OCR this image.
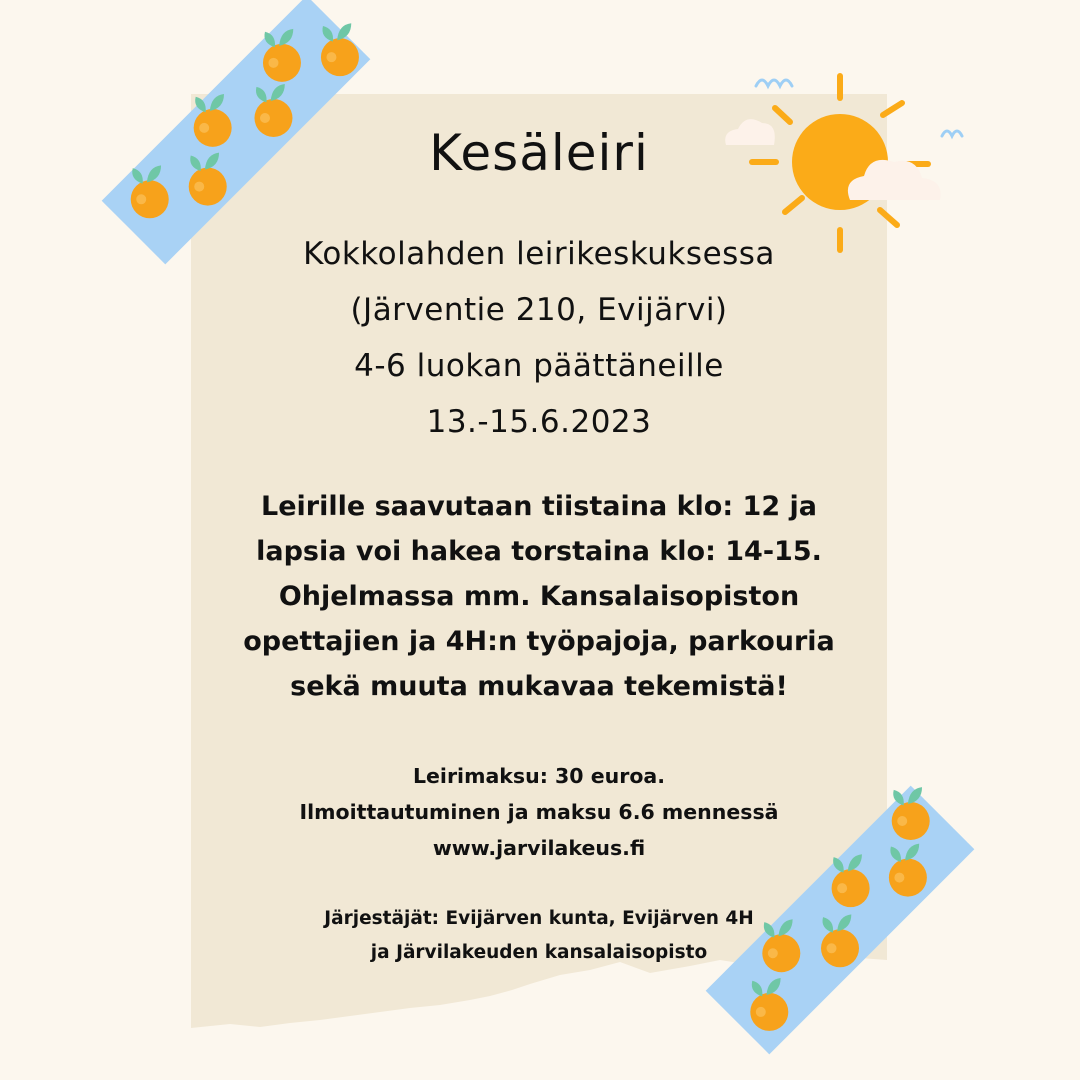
Kesäleiri
Kokkolahden leirikeskuksessa
(Järventie 210, Evijärvi)
4-6 luokan päättäneille
13.-15.6.2023
Leirille saavutaan tiistaina klo: 12 ja
lapsia voi hakea torstaina klo: 14-15.
Ohjelmassa mm. Kansalaisopiston
opettajien ja 4H:n työpajoja, parkouria
sekä muuta mukavaa tekemistä!
Leirimaksu: 30 euroa.
Ilmoittautuminen ja maksu 6.6 mennessä
www.jarvilakeus.fi
Järjestäjät: Evijärven kunta, Evijärven 4H
ja Järvilakeuden kansalaisopisto
